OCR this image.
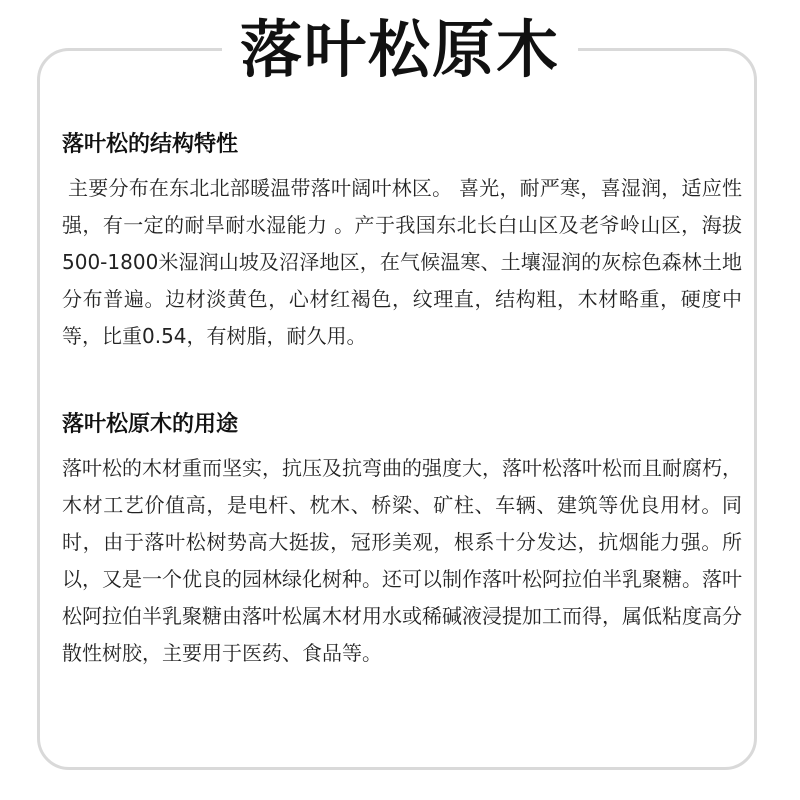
落叶松原木
落叶松的结构特性

主要分布在东北北部暖温带落叶阔叶林区。 喜光，耐严寒，喜湿润，适应性强，有一定的耐旱耐水湿能力 。产于我国东北长白山区及老爷岭山区，海拔500-1800米湿润山坡及沼泽地区，在气候温寒、土壤湿润的灰棕色森林土地分布普遍。边材淡黄色，心材红褐色，纹理直，结构粗，木材略重，硬度中等，比重0.54，有树脂，耐久用。

落叶松原木的用途

落叶松的木材重而坚实，抗压及抗弯曲的强度大，落叶松落叶松而且耐腐朽，木材工艺价值高，是电杆、枕木、桥梁、矿柱、车辆、建筑等优良用材。同时，由于落叶松树势高大挺拔，冠形美观，根系十分发达，抗烟能力强。所以，又是一个优良的园林绿化树种。还可以制作落叶松阿拉伯半乳聚糖。落叶松阿拉伯半乳聚糖由落叶松属木材用水或稀碱液浸提加工而得，属低粘度高分散性树胶，主要用于医药、食品等。
